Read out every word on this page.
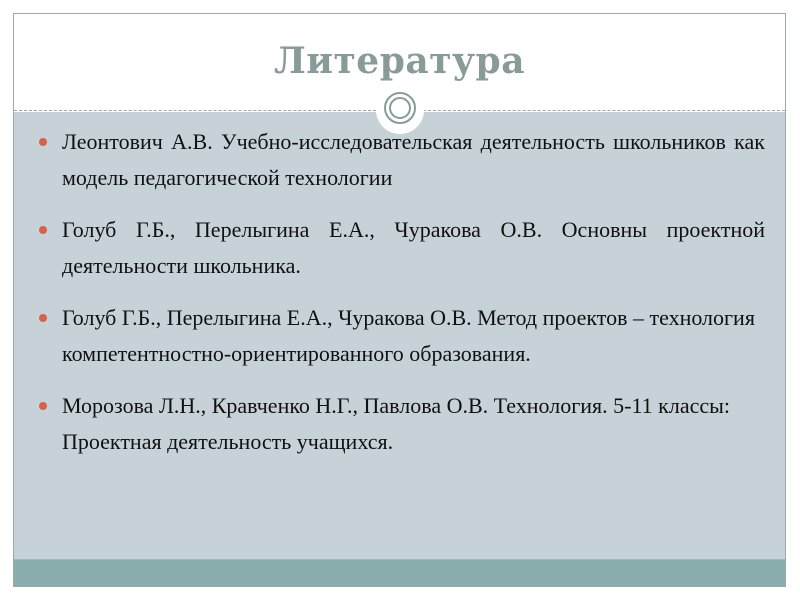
Литература
Леонтович А.В. Учебно-исследовательская деятельность школьников как модель педагогической технологии
Голуб Г.Б., Перелыгина Е.А., Чуракова О.В. Основны проектной деятельности школьника.
Голуб Г.Б., Перелыгина Е.А., Чуракова О.В. Метод проектов – технология компетентностно-ориентированного образования.
Морозова Л.Н., Кравченко Н.Г., Павлова О.В. Технология. 5-11 классы: Проектная деятельность учащихся.
